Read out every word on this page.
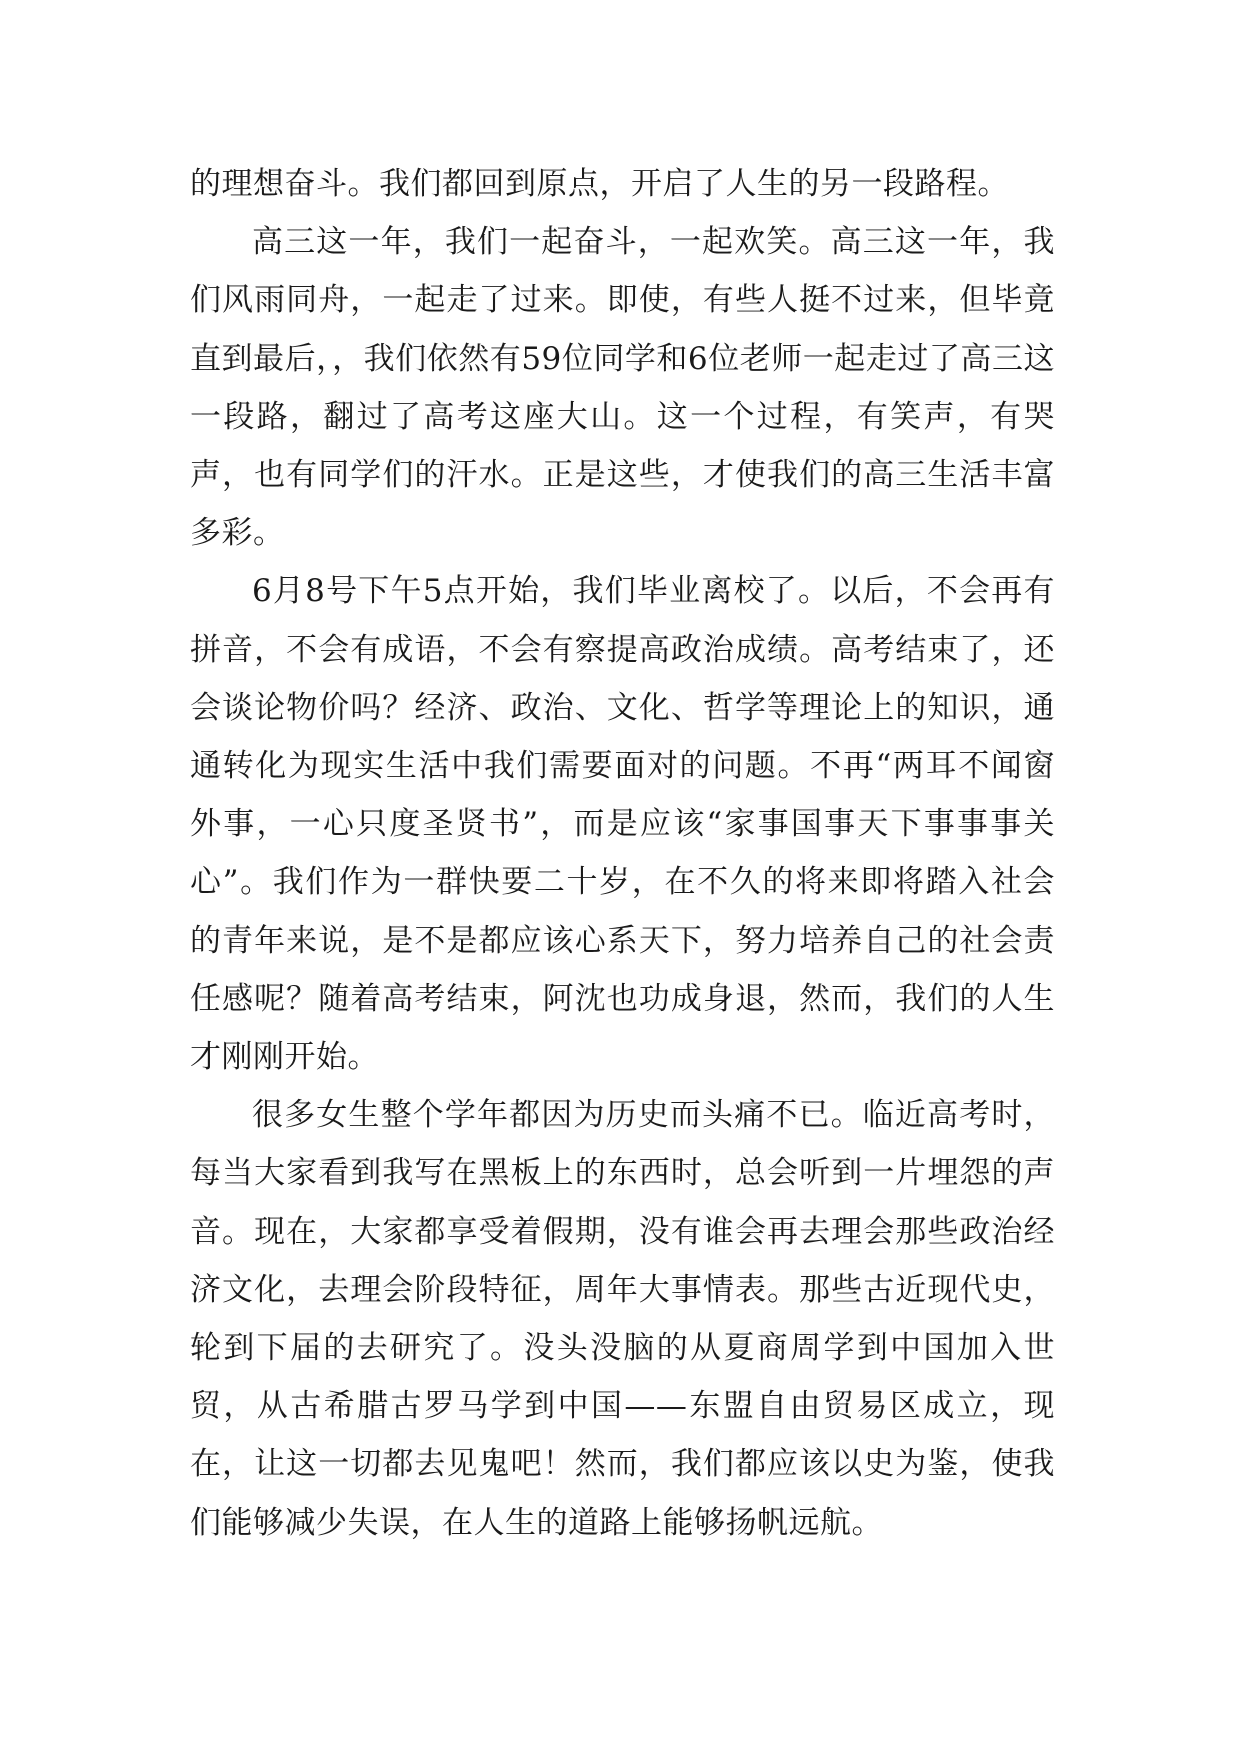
的理想奋斗。我们都回到原点，开启了人生的另一段路程。

高三这一年，我们一起奋斗，一起欢笑。高三这一年，我们风雨同舟，一起走了过来。即使，有些人挺不过来，但毕竟直到最后，，我们依然有59位同学和6位老师一起走过了高三这一段路，翻过了高考这座大山。这一个过程，有笑声，有哭声，也有同学们的汗水。正是这些，才使我们的高三生活丰富多彩。

6月8号下午5点开始，我们毕业离校了。以后，不会再有拼音，不会有成语，不会有察提高政治成绩。高考结束了，还会谈论物价吗？经济、政治、文化、哲学等理论上的知识，通通转化为现实生活中我们需要面对的问题。不再“两耳不闻窗外事，一心只度圣贤书”，而是应该“家事国事天下事事事关心”。我们作为一群快要二十岁，在不久的将来即将踏入社会的青年来说，是不是都应该心系天下，努力培养自己的社会责任感呢？随着高考结束，阿沈也功成身退，然而，我们的人生才刚刚开始。

很多女生整个学年都因为历史而头痛不已。临近高考时，每当大家看到我写在黑板上的东西时，总会听到一片埋怨的声音。现在，大家都享受着假期，没有谁会再去理会那些政治经济文化，去理会阶段特征，周年大事情表。那些古近现代史，轮到下届的去研究了。没头没脑的从夏商周学到中国加入世贸，从古希腊古罗马学到中国——东盟自由贸易区成立，现在，让这一切都去见鬼吧！然而，我们都应该以史为鉴，使我们能够减少失误，在人生的道路上能够扬帆远航。
